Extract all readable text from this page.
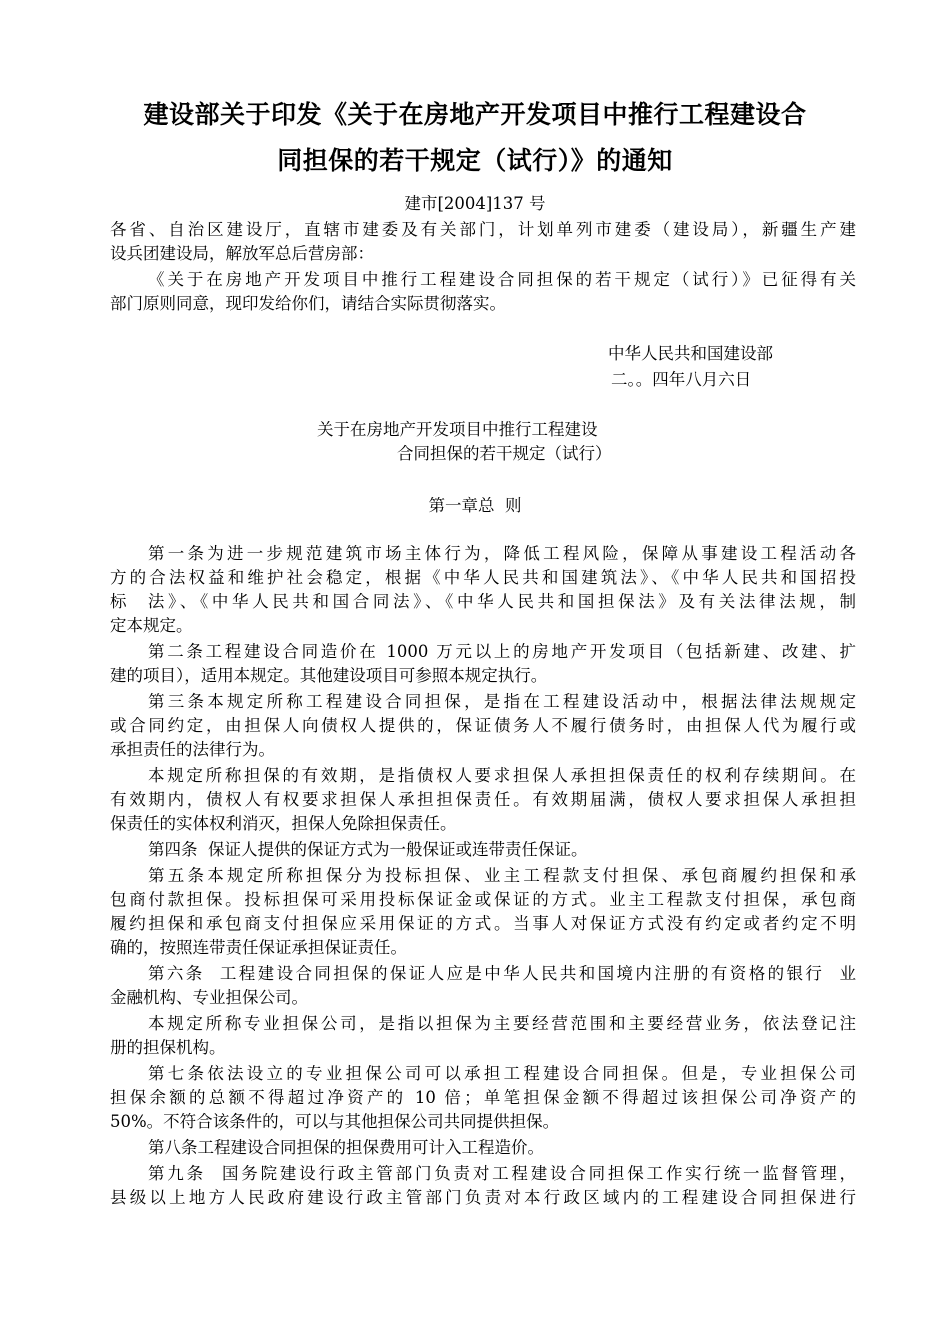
建设部关于印发《关于在房地产开发项目中推行工程建设合
同担保的若干规定（试行）》的通知
建市[2004]137 号
各省、自治区建设厅，直辖市建委及有关部门，计划单列市建委（建设局），新疆生产建
设兵团建设局，解放军总后营房部：
《关于在房地产开发项目中推行工程建设合同担保的若干规定（试行）》已征得有关
部门原则同意，现印发给你们，请结合实际贯彻落实。
中华人民共和国建设部
二。。四年八月六日
关于在房地产开发项目中推行工程建设
合同担保的若干规定（试行）
第一章总  则
第一条为进一步规范建筑市场主体行为，降低工程风险，保障从事建设工程活动各
方的合法权益和维护社会稳定，根据《中华人民共和国建筑法》、《中华人民共和国招投
标  法》、《中华人民共和国合同法》、《中华人民共和国担保法》及有关法律法规，制
定本规定。
第二条工程建设合同造价在 1000 万元以上的房地产开发项目（包括新建、改建、扩
建的项目），适用本规定。其他建设项目可参照本规定执行。
第三条本规定所称工程建设合同担保，是指在工程建设活动中，根据法律法规规定
或合同约定，由担保人向债权人提供的，保证债务人不履行债务时，由担保人代为履行或
承担责任的法律行为。
本规定所称担保的有效期，是指债权人要求担保人承担担保责任的权利存续期间。在
有效期内，债权人有权要求担保人承担担保责任。有效期届满，债权人要求担保人承担担
保责任的实体权利消灭，担保人免除担保责任。
第四条  保证人提供的保证方式为一般保证或连带责任保证。
第五条本规定所称担保分为投标担保、业主工程款支付担保、承包商履约担保和承
包商付款担保。投标担保可采用投标保证金或保证的方式。业主工程款支付担保，承包商
履约担保和承包商支付担保应采用保证的方式。当事人对保证方式没有约定或者约定不明
确的，按照连带责任保证承担保证责任。
第六条  工程建设合同担保的保证人应是中华人民共和国境内注册的有资格的银行  业
金融机构、专业担保公司。
本规定所称专业担保公司，是指以担保为主要经营范围和主要经营业务，依法登记注
册的担保机构。
第七条依法设立的专业担保公司可以承担工程建设合同担保。但是，专业担保公司
担保余额的总额不得超过净资产的 10 倍；单笔担保金额不得超过该担保公司净资产的
50%。不符合该条件的，可以与其他担保公司共同提供担保。
第八条工程建设合同担保的担保费用可计入工程造价。
第九条  国务院建设行政主管部门负责对工程建设合同担保工作实行统一监督管理，
县级以上地方人民政府建设行政主管部门负责对本行政区域内的工程建设合同担保进行
